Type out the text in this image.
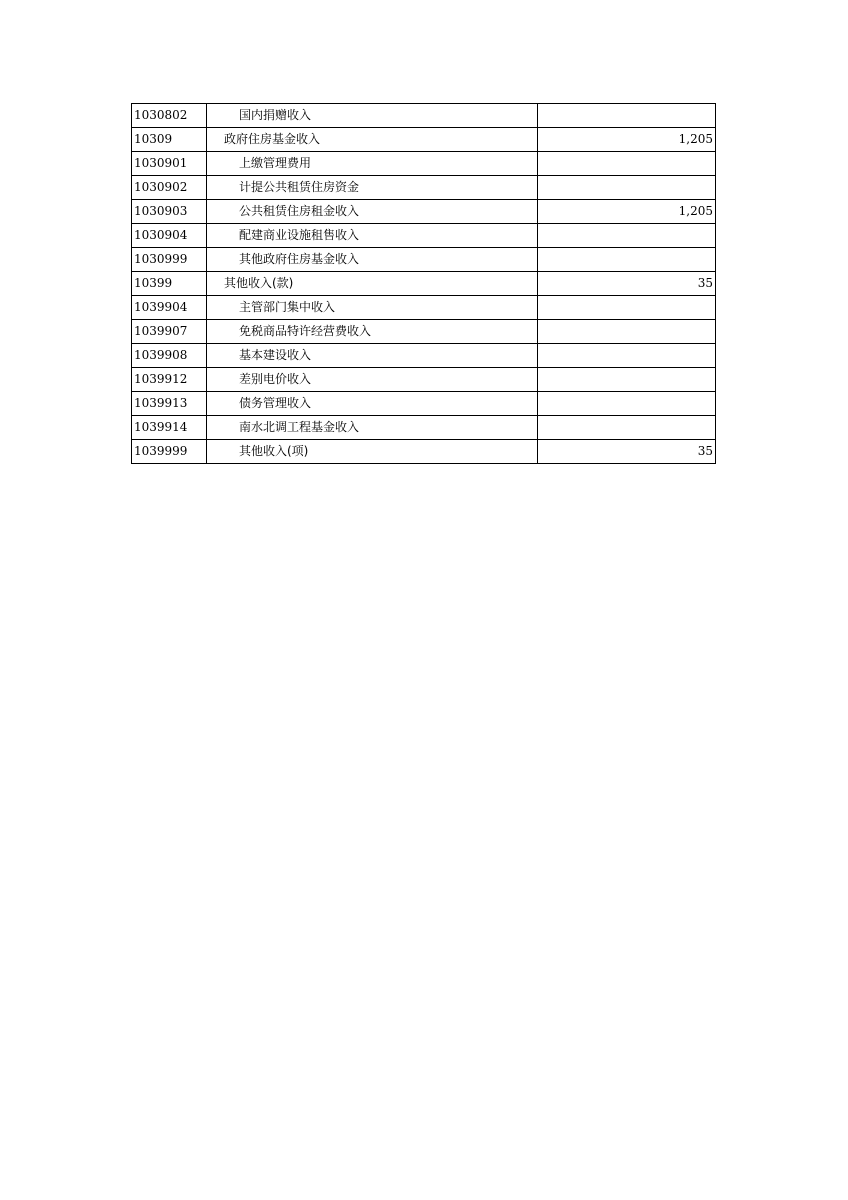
1030802	国内捐赠收入	
10309	政府住房基金收入	1,205
1030901	上缴管理费用	
1030902	计提公共租赁住房资金	
1030903	公共租赁住房租金收入	1,205
1030904	配建商业设施租售收入	
1030999	其他政府住房基金收入	
10399	其他收入(款)	35
1039904	主管部门集中收入	
1039907	免税商品特许经营费收入	
1039908	基本建设收入	
1039912	差别电价收入	
1039913	债务管理收入	
1039914	南水北调工程基金收入	
1039999	其他收入(项)	35
